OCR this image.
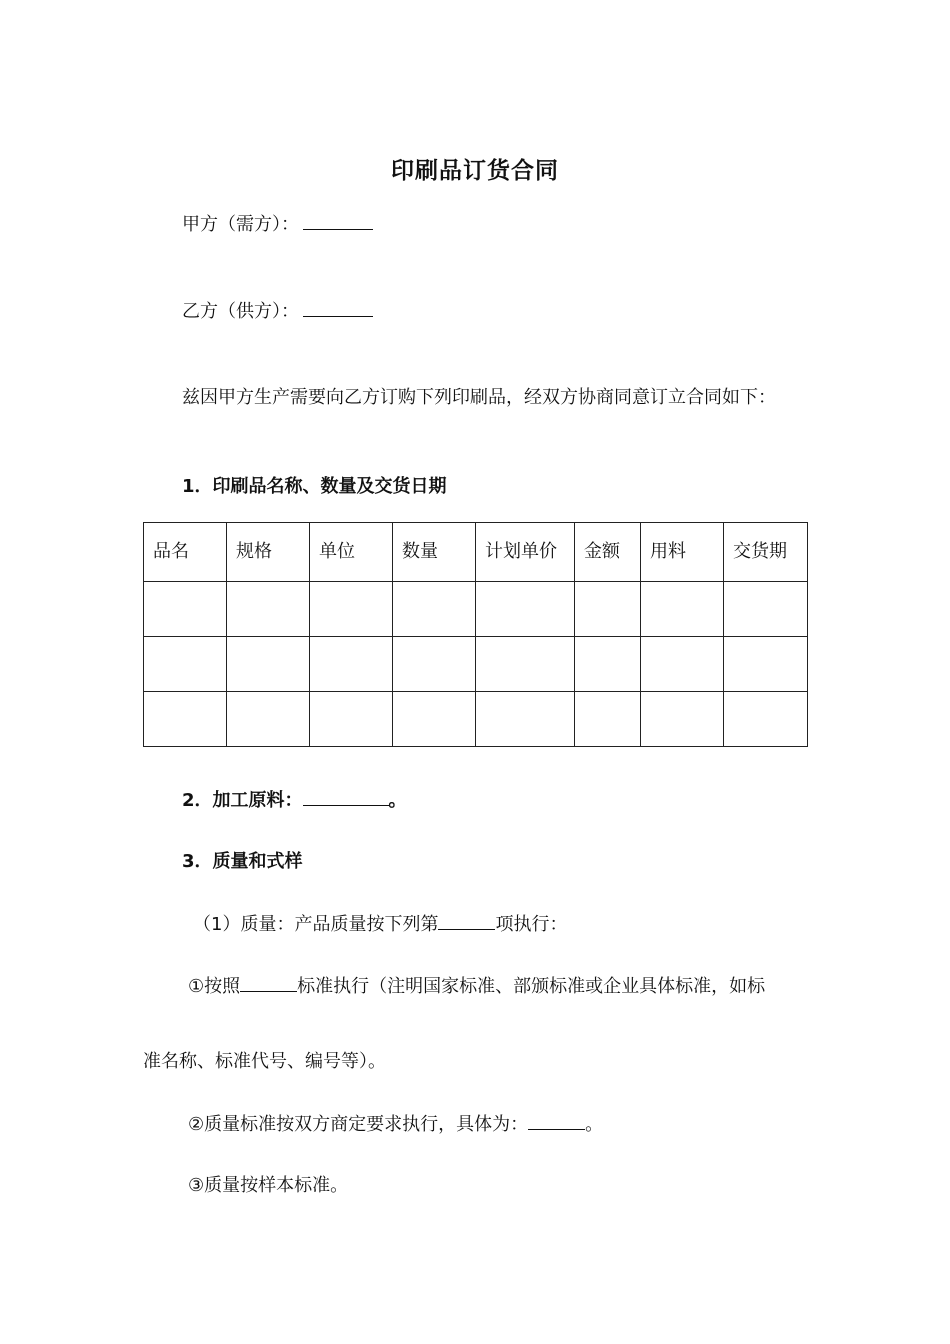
印刷品订货合同
甲方（需方）：
乙方（供方）：
兹因甲方生产需要向乙方订购下列印刷品，经双方协商同意订立合同如下：
1．印刷品名称、数量及交货日期
品名	规格	单位	数量	计划单价	金额	用料	交货期

2．加工原料：	。
3．质量和式样
（1）质量：产品质量按下列第	项执行：
①按照	标准执行（注明国家标准、部颁标准或企业具体标准，如标
准名称、标准代号、编号等）。
②质量标准按双方商定要求执行，具体为：	。
③质量按样本标准。
